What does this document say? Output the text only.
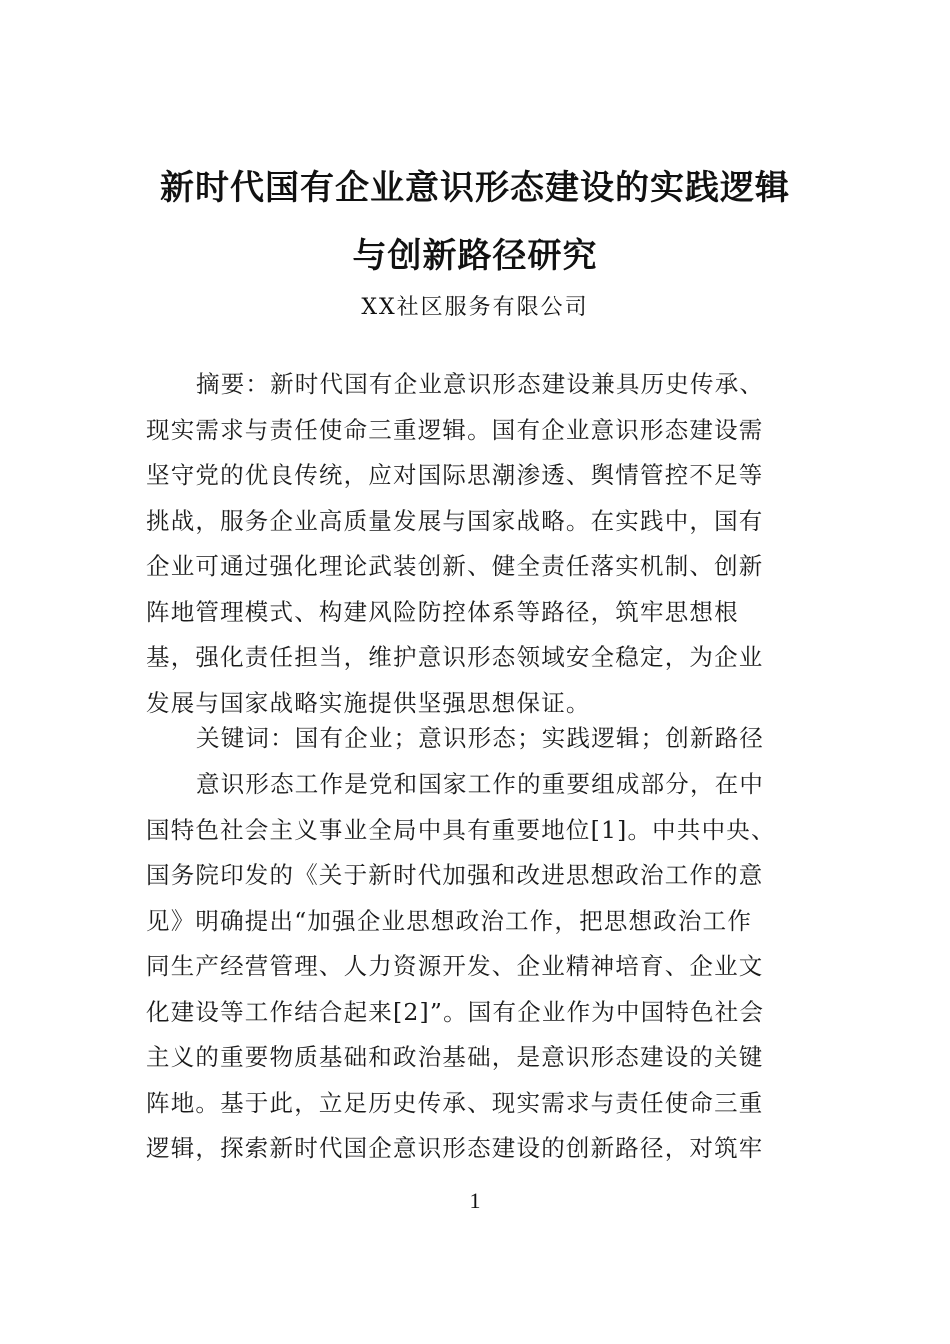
新时代国有企业意识形态建设的实践逻辑
与创新路径研究
XX社区服务有限公司
摘要：新时代国有企业意识形态建设兼具历史传承、
现实需求与责任使命三重逻辑。国有企业意识形态建设需
坚守党的优良传统，应对国际思潮渗透、舆情管控不足等
挑战，服务企业高质量发展与国家战略。在实践中，国有
企业可通过强化理论武装创新、健全责任落实机制、创新
阵地管理模式、构建风险防控体系等路径，筑牢思想根
基，强化责任担当，维护意识形态领域安全稳定，为企业
发展与国家战略实施提供坚强思想保证。
关键词：国有企业；意识形态；实践逻辑；创新路径
意识形态工作是党和国家工作的重要组成部分，在中
国特色社会主义事业全局中具有重要地位[1]。中共中央、
国务院印发的《关于新时代加强和改进思想政治工作的意
见》明确提出“加强企业思想政治工作，把思想政治工作
同生产经营管理、人力资源开发、企业精神培育、企业文
化建设等工作结合起来[2]”。国有企业作为中国特色社会
主义的重要物质基础和政治基础，是意识形态建设的关键
阵地。基于此，立足历史传承、现实需求与责任使命三重
逻辑，探索新时代国企意识形态建设的创新路径，对筑牢
1
